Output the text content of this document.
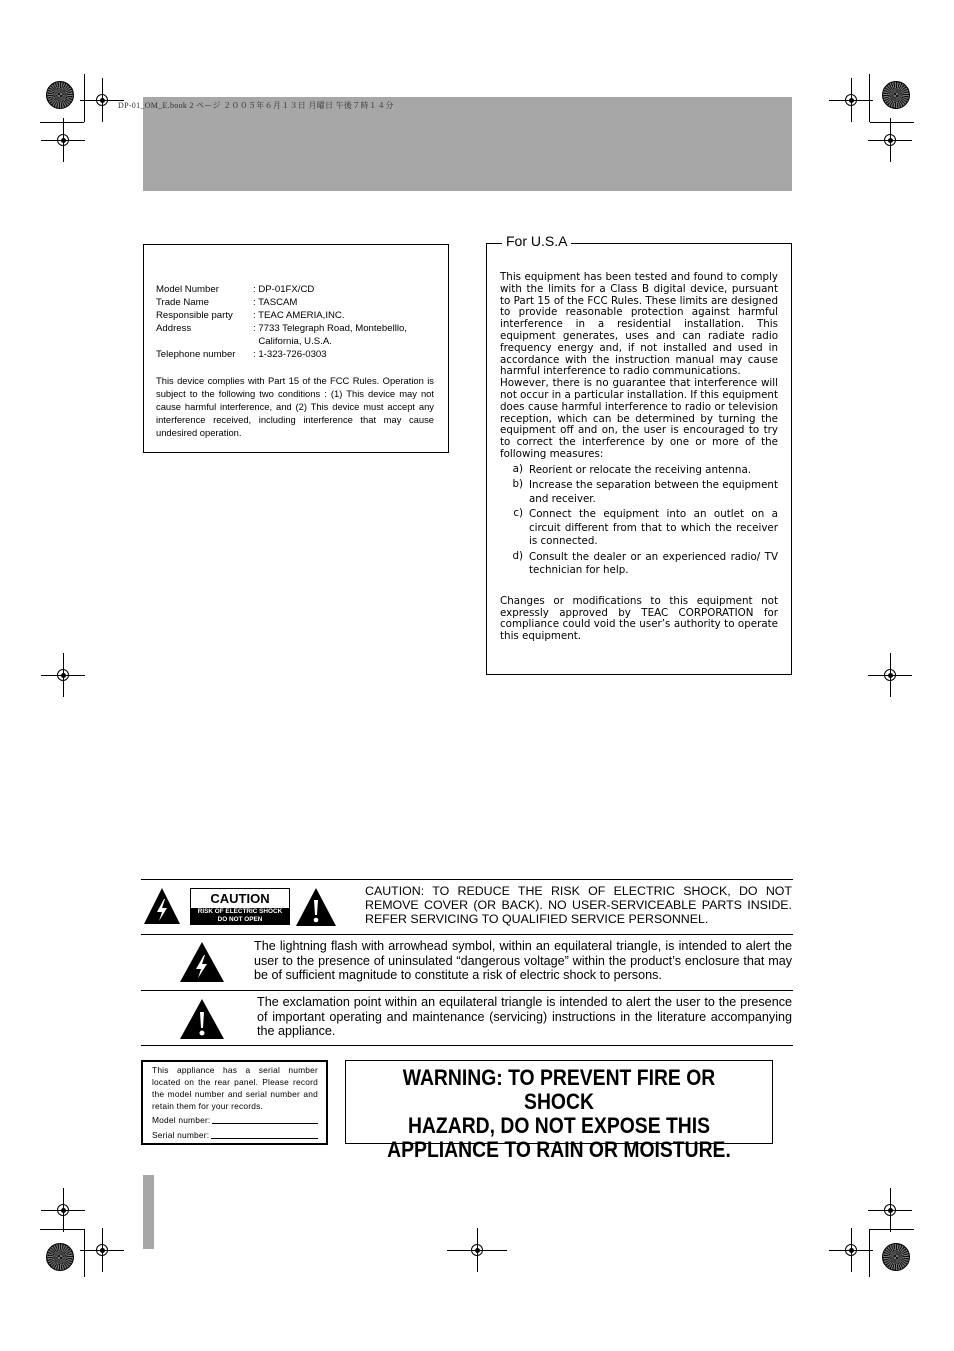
DP-01_OM_E.book 2 ページ ２００５年６月１３日 月曜日 午後７時１４分
Model Number	: DP-01FX/CD
Trade Name	: TASCAM
Responsible party	: TEAC AMERIA,INC.
Address	: 7733 Telegraph Road, Montebelllo,
California, U.S.A.
Telephone number	: 1-323-726-0303
This device complies with Part 15 of the FCC Rules. Operation is subject to the following two conditions : (1) This device may not cause harmful interference, and (2) This device must accept any interference received, including interference that may cause undesired operation.

This equipment has been tested and found to comply with the limits for a Class B digital device, pursuant to Part 15 of the FCC Rules. These limits are designed to provide reasonable protection against harmful interference in a residential installation. This equipment generates, uses and can radiate radio frequency energy and, if not installed and used in accordance with the instruction manual may cause harmful interference to radio communications.

However, there is no guarantee that interference will not occur in a particular installation. If this equipment does cause harmful interference to radio or television reception, which can be determined by turning the equipment off and on, the user is encouraged to try to correct the interference by one or more of the following measures:

a) Reorient or relocate the receiving antenna.
b) Increase the separation between the equipment and receiver.
c) Connect the equipment into an outlet on a circuit different from that to which the receiver is connected.
d) Consult the dealer or an experienced radio/ TV technician for help.

Changes or modifications to this equipment not expressly approved by TEAC CORPORATION for compliance could void the user’s authority to operate this equipment.

For U.S.A
CAUTION
RISK OF ELECTRIC SHOCK
DO NOT OPEN
CAUTION: TO REDUCE THE RISK OF ELECTRIC SHOCK, DO NOT REMOVE COVER (OR BACK). NO USER-SERVICEABLE PARTS INSIDE. REFER SERVICING TO QUALIFIED SERVICE PERSONNEL.
The lightning flash with arrowhead symbol, within an equilateral triangle, is intended to alert the user to the presence of uninsulated “dangerous voltage” within the product’s enclosure that may be of sufficient magnitude to constitute a risk of electric shock to persons.
The exclamation point within an equilateral triangle is intended to alert the user to the presence of important operating and maintenance (servicing) instructions in the literature accompanying the appliance.
This appliance has a serial number located on the rear panel. Please record the model number and serial number and retain them for your records.
Model number:
Serial number:
WARNING: TO PREVENT FIRE OR SHOCK
HAZARD, DO NOT EXPOSE THIS
APPLIANCE TO RAIN OR MOISTURE.
